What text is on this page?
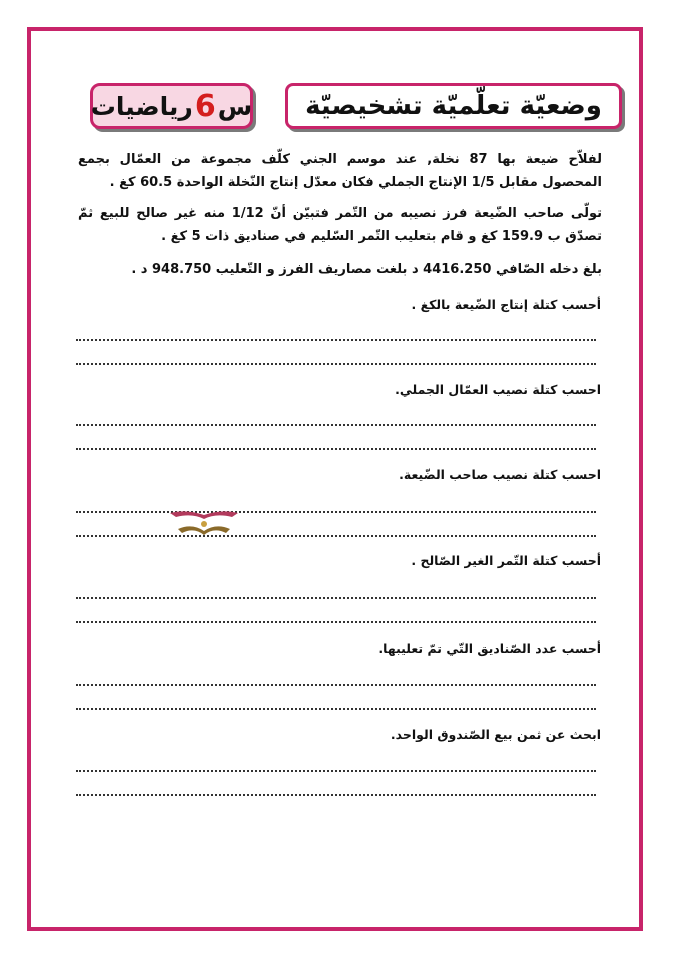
وضعيّة تعلّميّة تشخيصيّة
س
6
رياضيات
لفلاّح ضيعة بها 87 نخلة, عند موسم الجني كلّف مجموعة من العمّال بجمع المحصول مقابل 1/5 الإنتاج الجملي فكان معدّل إنتاج النّخلة الواحدة 60.5 كغ .
تولّى صاحب الضّيعة فرز نصيبه من التّمر فتبيّن أنّ 1/12 منه غير صالح للبيع ثمّ تصدّق ب 159.9 كغ و قام بتعليب التّمر السّليم في صناديق ذات 5 كغ .
بلغ دخله الصّافي 4416.250 د بلغت مصاريف الفرز و التّعليب 948.750 د .
أحسب كتلة إنتاج الضّيعة بالكغ .
احسب كتلة نصيب العمّال الجملي.
احسب كتلة نصيب صاحب الضّيعة.
أحسب كتلة التّمر الغير الصّالح .
أحسب عدد الصّناديق التّي تمّ تعليبها.
ابحث عن ثمن بيع الصّندوق الواحد.
